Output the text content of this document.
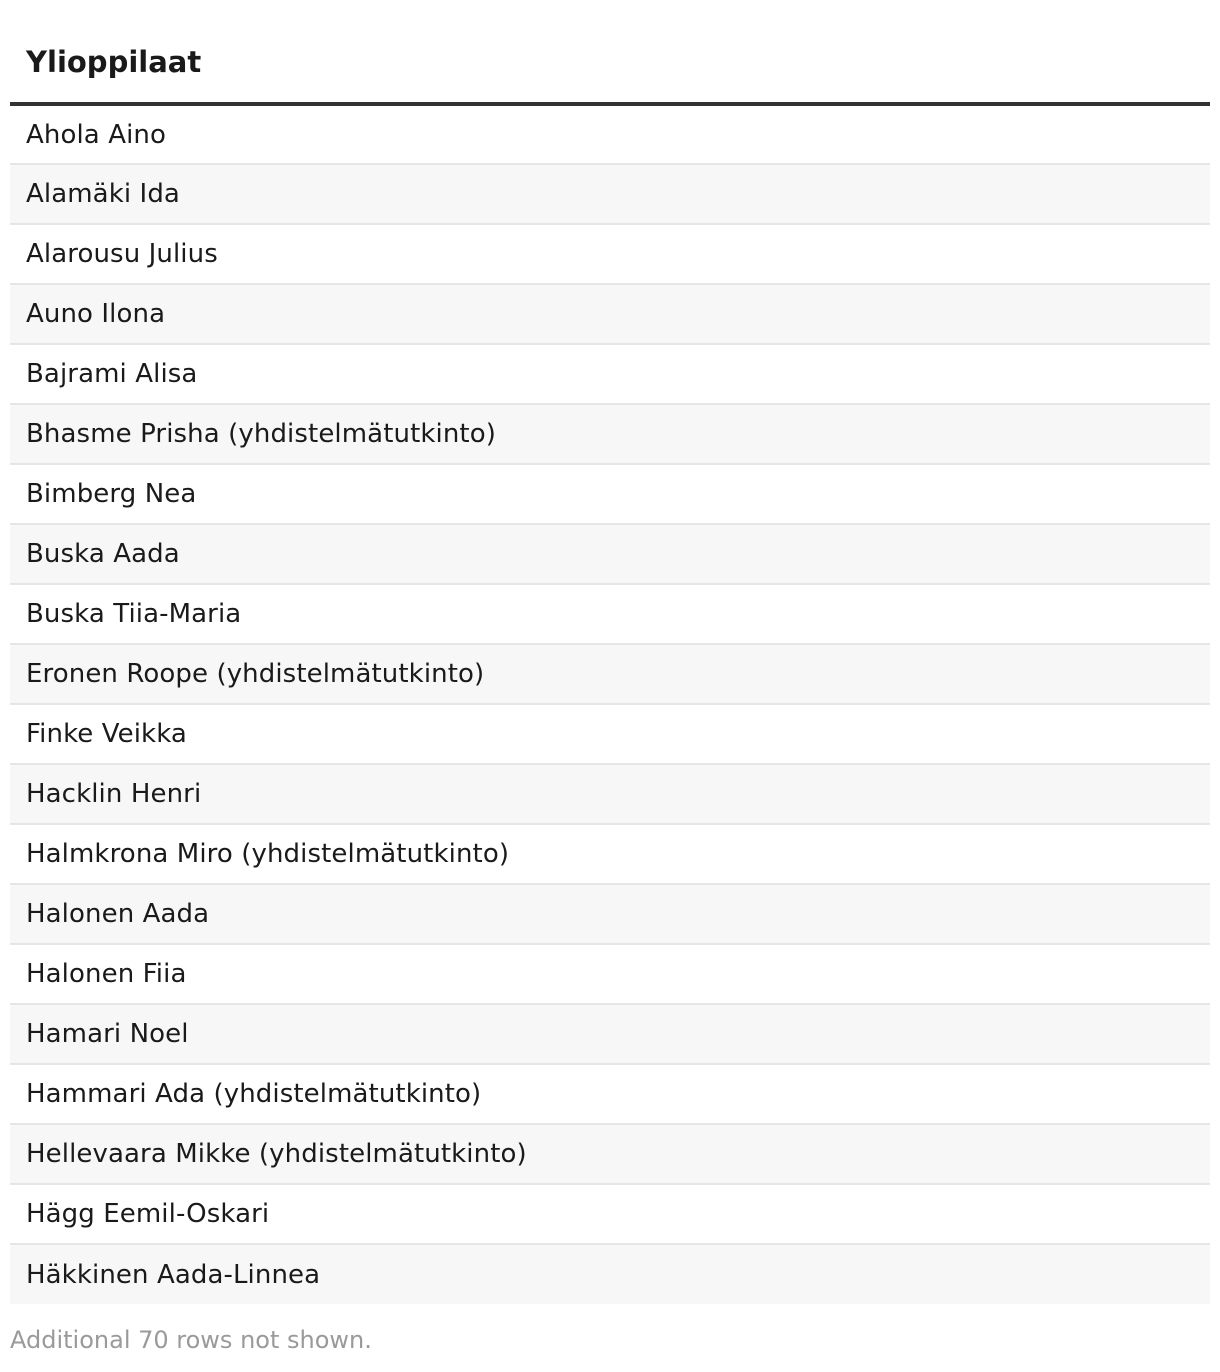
Ylioppilaat
Ahola Aino
Alamäki Ida
Alarousu Julius
Auno Ilona
Bajrami Alisa
Bhasme Prisha (yhdistelmätutkinto)
Bimberg Nea
Buska Aada
Buska Tiia-Maria
Eronen Roope (yhdistelmätutkinto)
Finke Veikka
Hacklin Henri
Halmkrona Miro (yhdistelmätutkinto)
Halonen Aada
Halonen Fiia
Hamari Noel
Hammari Ada (yhdistelmätutkinto)
Hellevaara Mikke (yhdistelmätutkinto)
Hägg Eemil-Oskari
Häkkinen Aada-Linnea
Additional 70 rows not shown.
